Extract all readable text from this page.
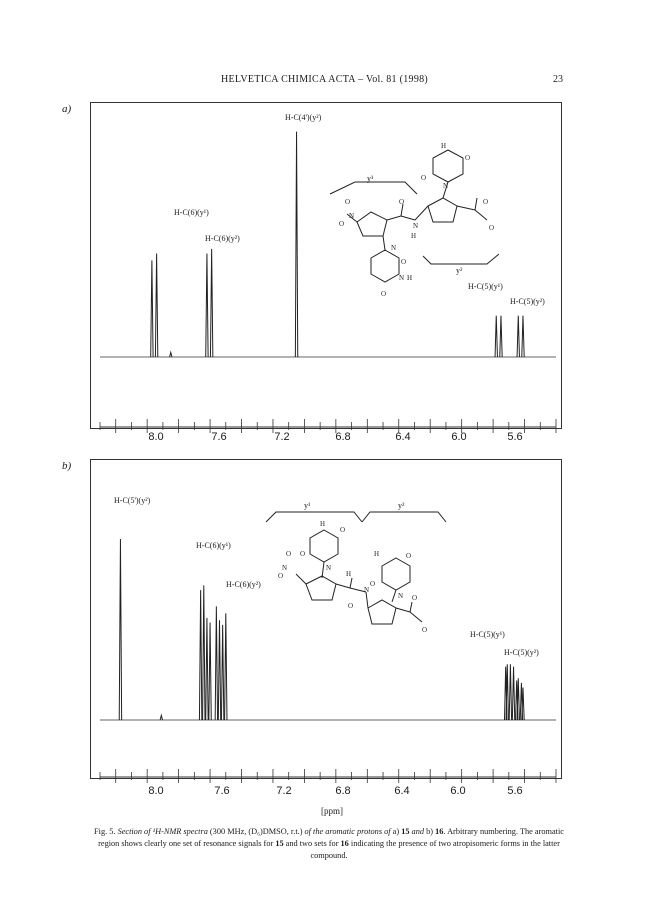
HELVETICA CHIMICA ACTA – Vol. 81 (1998)	23
a)
H-C(4')(y²)
H-C(6)(y¹)
H-C(6)(y²)
H-C(5)(y¹)
H-C(5)(y²)
y¹
y²
H
O
O
N
O
O
O
O
N
O
N
H
N
O
N H
O
8.0	7.6	7.2	6.8	6.4	6.0	5.6
b)
H-C(5')(y²)
H-C(6)(y¹)
H-C(6)(y²)
H-C(5)(y¹)
H-C(5)(y²)
y¹	y²
H
O
O
N
O
N
O	H
O
N
H	O
O
N O
O
8.0	7.6	7.2	6.8	6.4	6.0	5.6
[ppm]
Fig. 5. Section of ¹H-NMR spectra (300 MHz, (D₆)DMSO, r.t.) of the aromatic protons of a) 15 and b) 16. Arbitrary numbering. The aromatic region shows clearly one set of resonance signals for 15 and two sets for 16 indicating the presence of two atropisomeric forms in the latter compound.
